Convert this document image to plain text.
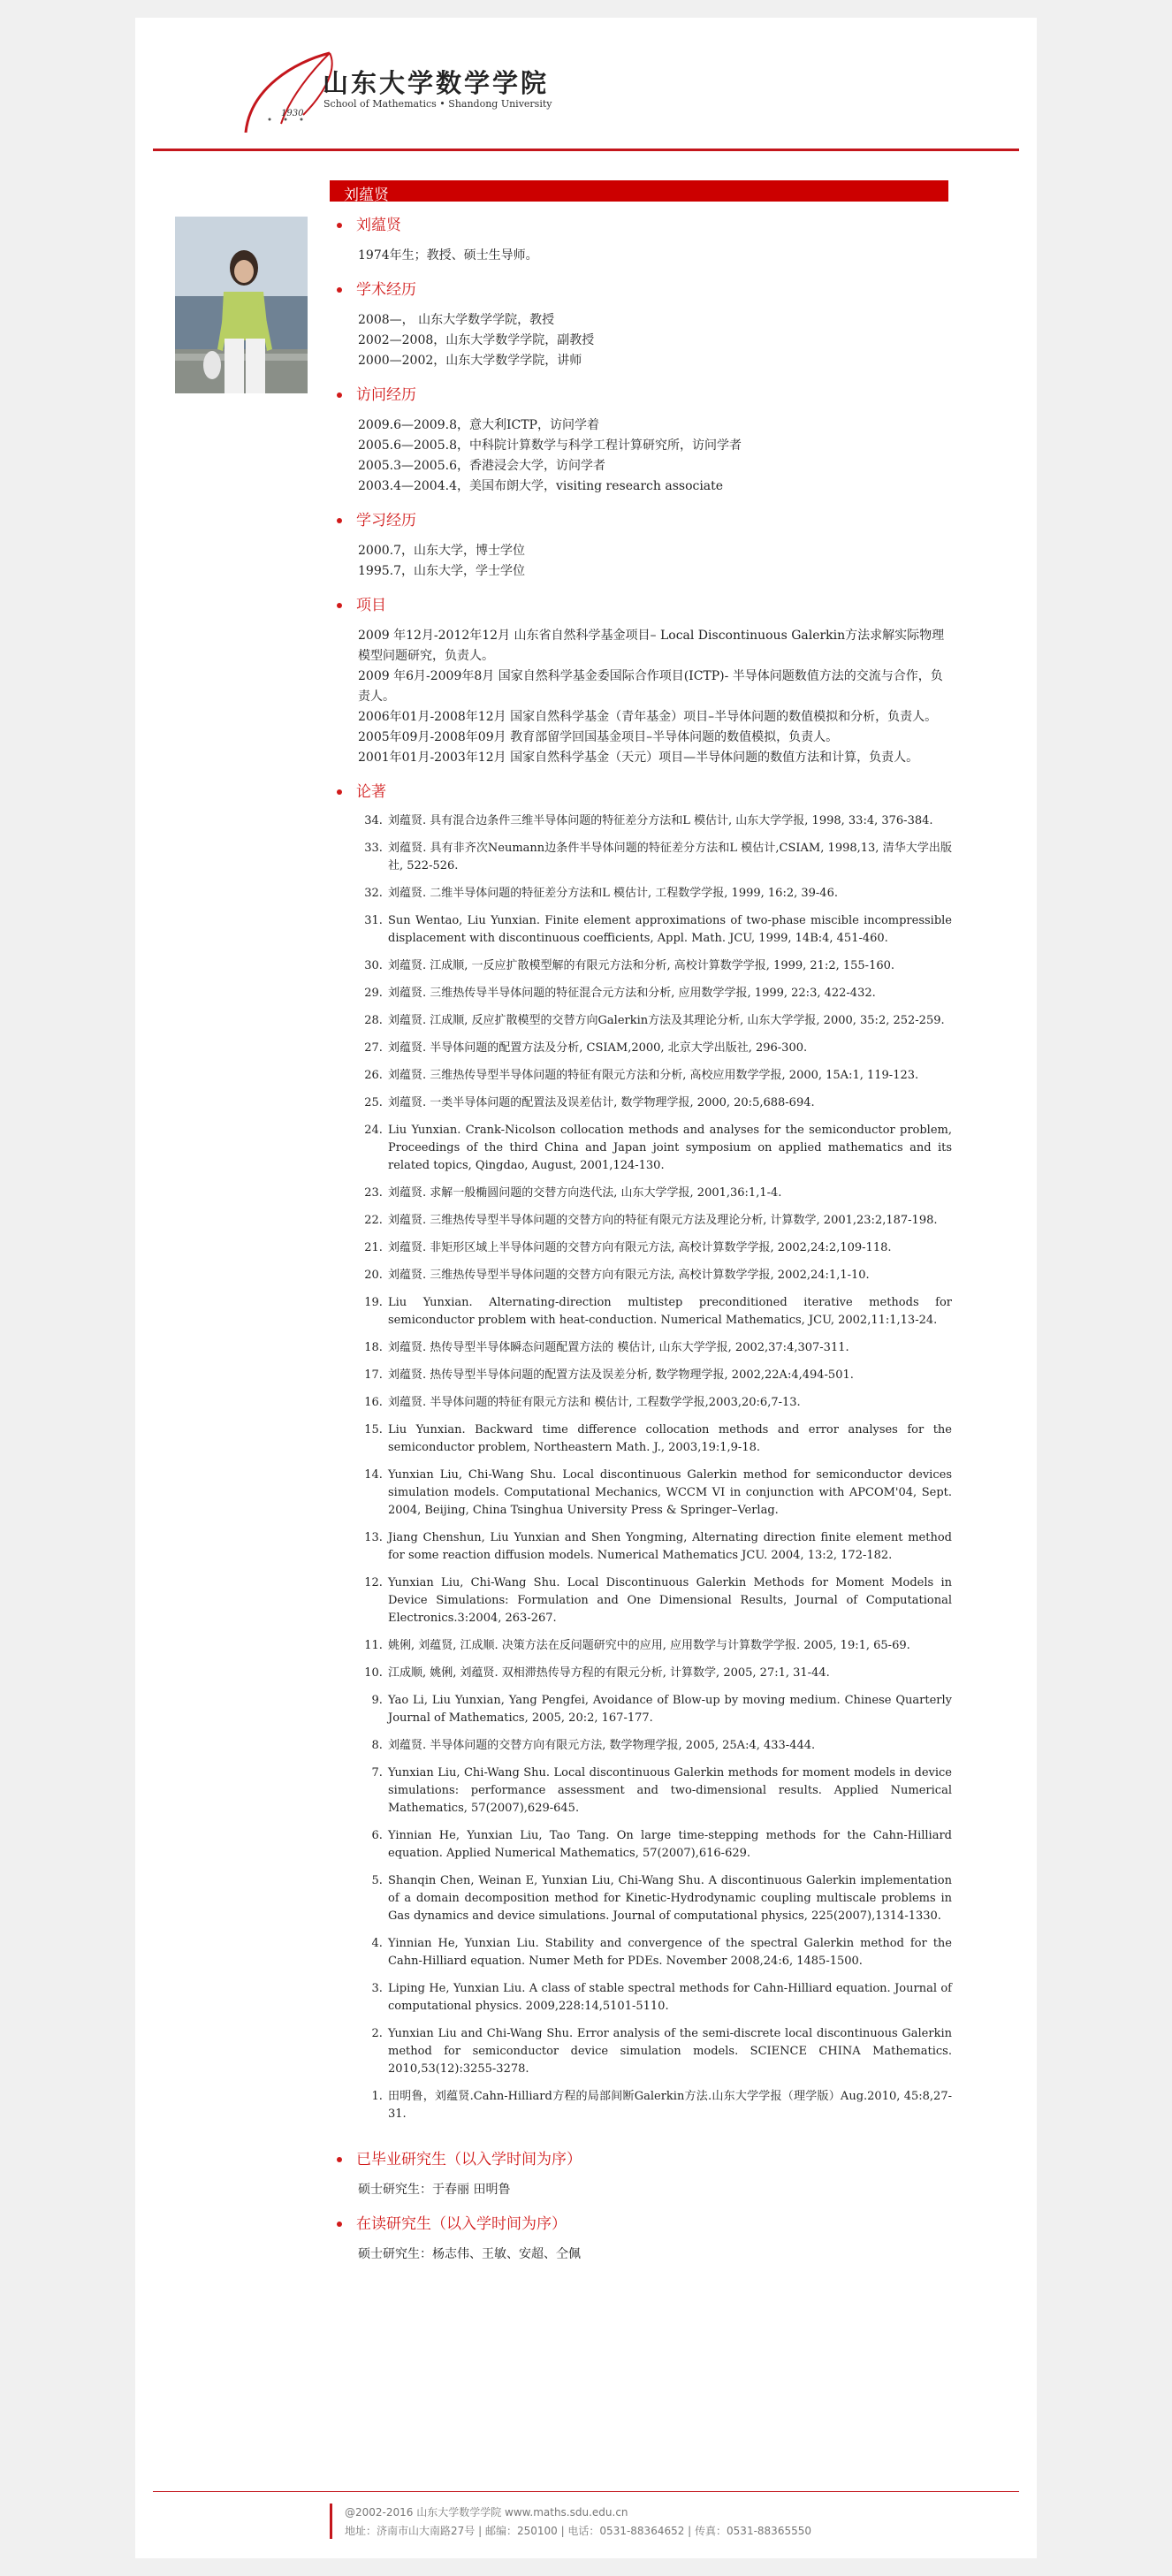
1930
山东大学数学学院
School of Mathematics • Shandong University
刘蕴贤
刘蕴贤
1974年生；教授、硕士生导师。
学术经历
2008—， 山东大学数学学院，教授
2002—2008，山东大学数学学院，副教授
2000—2002，山东大学数学学院，讲师
访问经历
2009.6—2009.8，意大利ICTP，访问学着
2005.6—2005.8，中科院计算数学与科学工程计算研究所，访问学者
2005.3—2005.6，香港浸会大学，访问学者
2003.4—2004.4，美国布朗大学，visiting research associate
学习经历
2000.7，山东大学，博士学位
1995.7，山东大学，学士学位
项目
2009 年12月-2012年12月 山东省自然科学基金项目– Local Discontinuous Galerkin方法求解实际物理模型问题研究，负责人。
2009 年6月-2009年8月 国家自然科学基金委国际合作项目(ICTP)- 半导体问题数值方法的交流与合作，负责人。
2006年01月-2008年12月 国家自然科学基金（青年基金）项目–半导体问题的数值模拟和分析，负责人。
2005年09月-2008年09月 教育部留学回国基金项目–半导体问题的数值模拟，负责人。
2001年01月-2003年12月 国家自然科学基金（天元）项目—半导体问题的数值方法和计算，负责人。
论著
34. 刘蕴贤. 具有混合边条件三维半导体问题的特征差分方法和L 模估计, 山东大学学报, 1998, 33:4, 376-384.
33. 刘蕴贤. 具有非齐次Neumann边条件半导体问题的特征差分方法和L 模估计,CSIAM, 1998,13, 清华大学出版社, 522-526.
32. 刘蕴贤. 二维半导体问题的特征差分方法和L 模估计, 工程数学学报, 1999, 16:2, 39-46.
31. Sun Wentao, Liu Yunxian. Finite element approximations of two-phase miscible incompressible displacement with discontinuous coefficients, Appl. Math. JCU, 1999, 14B:4, 451-460.
30. 刘蕴贤. 江成顺, 一反应扩散模型解的有限元方法和分析, 高校计算数学学报, 1999, 21:2, 155-160.
29. 刘蕴贤. 三维热传导半导体问题的特征混合元方法和分析, 应用数学学报, 1999, 22:3, 422-432.
28. 刘蕴贤. 江成顺, 反应扩散模型的交替方向Galerkin方法及其理论分析, 山东大学学报, 2000, 35:2, 252-259.
27. 刘蕴贤. 半导体问题的配置方法及分析, CSIAM,2000, 北京大学出版社, 296-300.
26. 刘蕴贤. 三维热传导型半导体问题的特征有限元方法和分析, 高校应用数学学报, 2000, 15A:1, 119-123.
25. 刘蕴贤. 一类半导体问题的配置法及误差估计, 数学物理学报, 2000, 20:5,688-694.
24. Liu Yunxian. Crank-Nicolson collocation methods and analyses for the semiconductor problem, Proceedings of the third China and Japan joint symposium on applied mathematics and its related topics, Qingdao, August, 2001,124-130.
23. 刘蕴贤. 求解一般椭圆问题的交替方向迭代法, 山东大学学报, 2001,36:1,1-4.
22. 刘蕴贤. 三维热传导型半导体问题的交替方向的特征有限元方法及理论分析, 计算数学, 2001,23:2,187-198.
21. 刘蕴贤. 非矩形区域上半导体问题的交替方向有限元方法, 高校计算数学学报, 2002,24:2,109-118.
20. 刘蕴贤. 三维热传导型半导体问题的交替方向有限元方法, 高校计算数学学报, 2002,24:1,1-10.
19. Liu Yunxian. Alternating-direction multistep preconditioned iterative methods for semiconductor problem with heat-conduction. Numerical Mathematics, JCU, 2002,11:1,13-24.
18. 刘蕴贤. 热传导型半导体瞬态问题配置方法的 模估计, 山东大学学报, 2002,37:4,307-311.
17. 刘蕴贤. 热传导型半导体问题的配置方法及误差分析, 数学物理学报, 2002,22A:4,494-501.
16. 刘蕴贤. 半导体问题的特征有限元方法和 模估计, 工程数学学报,2003,20:6,7-13.
15. Liu Yunxian. Backward time difference collocation methods and error analyses for the semiconductor problem, Northeastern Math. J., 2003,19:1,9-18.
14. Yunxian Liu, Chi-Wang Shu. Local discontinuous Galerkin method for semiconductor devices simulation models. Computational Mechanics, WCCM VI in conjunction with APCOM'04, Sept. 2004, Beijing, China Tsinghua University Press & Springer–Verlag.
13. Jiang Chenshun, Liu Yunxian and Shen Yongming, Alternating direction finite element method for some reaction diffusion models. Numerical Mathematics JCU. 2004, 13:2, 172-182.
12. Yunxian Liu, Chi-Wang Shu. Local Discontinuous Galerkin Methods for Moment Models in Device Simulations: Formulation and One Dimensional Results, Journal of Computational Electronics.3:2004, 263-267.
11. 姚俐, 刘蕴贤, 江成顺. 决策方法在反问题研究中的应用, 应用数学与计算数学学报. 2005, 19:1, 65-69.
10. 江成顺, 姚俐, 刘蕴贤. 双相滞热传导方程的有限元分析, 计算数学, 2005, 27:1, 31-44.
9. Yao Li, Liu Yunxian, Yang Pengfei, Avoidance of Blow-up by moving medium. Chinese Quarterly Journal of Mathematics, 2005, 20:2, 167-177.
8. 刘蕴贤. 半导体问题的交替方向有限元方法, 数学物理学报, 2005, 25A:4, 433-444.
7. Yunxian Liu, Chi-Wang Shu. Local discontinuous Galerkin methods for moment models in device simulations: performance assessment and two-dimensional results. Applied Numerical Mathematics, 57(2007),629-645.
6. Yinnian He, Yunxian Liu, Tao Tang. On large time-stepping methods for the Cahn-Hilliard equation. Applied Numerical Mathematics, 57(2007),616-629.
5. Shanqin Chen, Weinan E, Yunxian Liu, Chi-Wang Shu. A discontinuous Galerkin implementation of a domain decomposition method for Kinetic-Hydrodynamic coupling multiscale problems in Gas dynamics and device simulations. Journal of computational physics, 225(2007),1314-1330.
4. Yinnian He, Yunxian Liu. Stability and convergence of the spectral Galerkin method for the Cahn-Hilliard equation. Numer Meth for PDEs. November 2008,24:6, 1485-1500.
3. Liping He, Yunxian Liu. A class of stable spectral methods for Cahn-Hilliard equation. Journal of computational physics. 2009,228:14,5101-5110.
2. Yunxian Liu and Chi-Wang Shu. Error analysis of the semi-discrete local discontinuous Galerkin method for semiconductor device simulation models. SCIENCE CHINA Mathematics. 2010,53(12):3255-3278.
1. 田明鲁，刘蕴贤.Cahn-Hilliard方程的局部间断Galerkin方法.山东大学学报（理学版）Aug.2010, 45:8,27-31.
已毕业研究生（以入学时间为序）
硕士研究生：于春丽 田明鲁
在读研究生（以入学时间为序）
硕士研究生：杨志伟、王敏、安超、仝佩
@2002-2016 山东大学数学学院 www.maths.sdu.edu.cn
地址：济南市山大南路27号 | 邮编：250100 | 电话：0531-88364652 | 传真：0531-88365550
